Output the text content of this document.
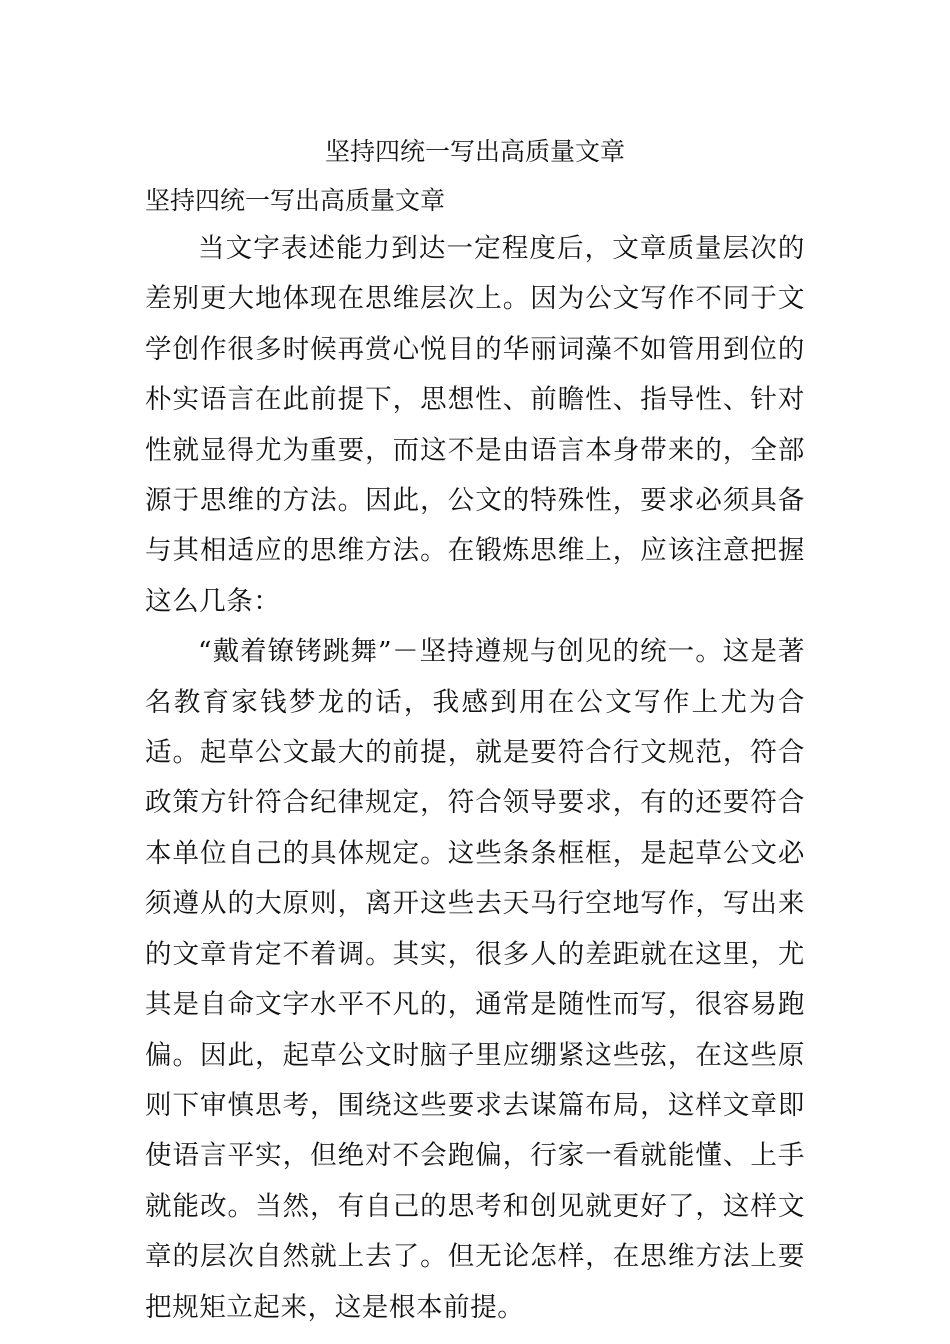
坚持四统一写出高质量文章
坚持四统一写出高质量文章

当文字表述能力到达一定程度后，文章质量层次的差别更大地体现在思维层次上。因为公文写作不同于文学创作很多时候再赏心悦目的华丽词藻不如管用到位的朴实语言在此前提下，思想性、前瞻性、指导性、针对性就显得尤为重要，而这不是由语言本身带来的，全部源于思维的方法。因此，公文的特殊性，要求必须具备与其相适应的思维方法。在锻炼思维上，应该注意把握这么几条：

“戴着镣铐跳舞”－坚持遵规与创见的统一。这是著名教育家钱梦龙的话，我感到用在公文写作上尤为合适。起草公文最大的前提，就是要符合行文规范，符合政策方针符合纪律规定，符合领导要求，有的还要符合本单位自己的具体规定。这些条条框框，是起草公文必须遵从的大原则，离开这些去天马行空地写作，写出来的文章肯定不着调。其实，很多人的差距就在这里，尤其是自命文字水平不凡的，通常是随性而写，很容易跑偏。因此，起草公文时脑子里应绷紧这些弦，在这些原则下审慎思考，围绕这些要求去谋篇布局，这样文章即使语言平实，但绝对不会跑偏，行家一看就能懂、上手就能改。当然，有自己的思考和创见就更好了，这样文章的层次自然就上去了。但无论怎样，在思维方法上要把规矩立起来，这是根本前提。
